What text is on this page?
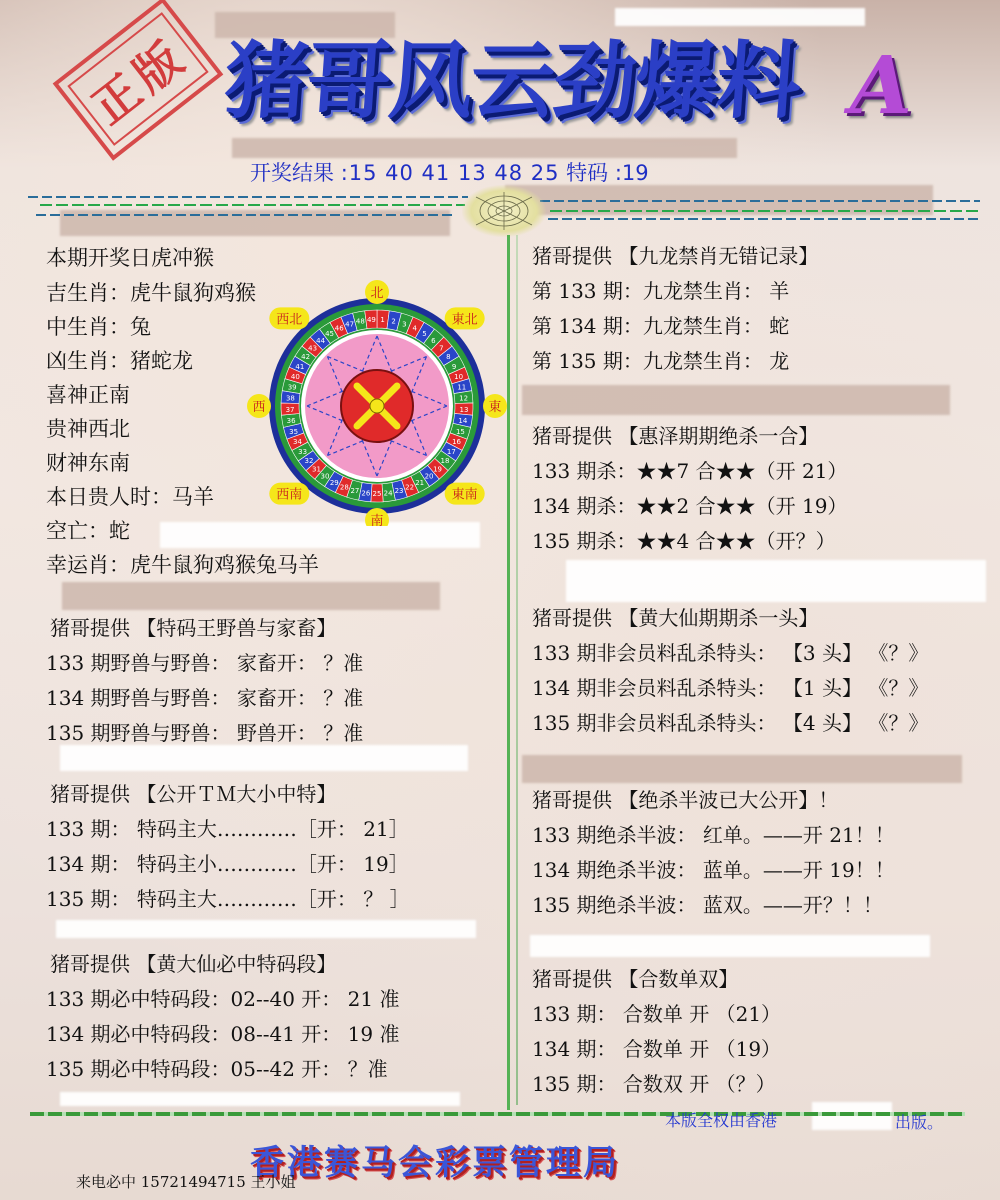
正版 猪哥风云劲爆料 A
开奖结果 :15 40 41 13 48 25 特码 :19
本期开奖日虎冲猴
吉生肖：虎牛鼠狗鸡猴
中生肖：兔
凶生肖：猪蛇龙
喜神正南
贵神西北
财神东南
本日贵人时：马羊
空亡：蛇
幸运肖：虎牛鼠狗鸡猴兔马羊
1 2 3
4
5
6
7
8
9
10
11
12
13
14
15
16
17
18
19
20
21
22
23
24
25
26
27
28
29
30
31
32
33
34
35
36
37
38
39
40
41
42
43
44
45
46
47 48 49
北
東北
東
東南
南
西南
西
西北
猪哥提供 【特码王野兽与家畜】
133 期野兽与野兽： 家畜开： ？准
134 期野兽与野兽： 家畜开： ？准
135 期野兽与野兽： 野兽开： ？准
猪哥提供 【公开ＴＭ大小中特】
133 期： 特码主大…………［开： 21］
134 期： 特码主小…………［开： 19］
135 期： 特码主大…………［开： ？ ］
猪哥提供 【黄大仙必中特码段】
133 期必中特码段：02--40 开： 21 准
134 期必中特码段：08--41 开： 19 准
135 期必中特码段：05--42 开： ？准
猪哥提供 【九龙禁肖无错记录】
第 133 期：九龙禁生肖： 羊
第 134 期：九龙禁生肖： 蛇
第 135 期：九龙禁生肖： 龙
猪哥提供 【惠泽期期绝杀一合】
133 期杀：★★7 合★★（开 21）
134 期杀：★★2 合★★（开 19）
135 期杀：★★4 合★★（开？）
猪哥提供 【黄大仙期期杀一头】
133 期非会员料乱杀特头： 【3 头】 《？》
134 期非会员料乱杀特头： 【1 头】 《？》
135 期非会员料乱杀特头： 【4 头】 《？》
猪哥提供 【绝杀半波已大公开】！
133 期绝杀半波： 红单。——开 21！！
134 期绝杀半波： 蓝单。——开 19！！
135 期绝杀半波： 蓝双。——开？！！
猪哥提供 【合数单双】
133 期： 合数单 开 （21）
134 期： 合数单 开 （19）
135 期： 合数双 开 （？）
本版全权由香港	出版。
香港赛马会彩票管理局
来电必中 15721494715 王小姐
